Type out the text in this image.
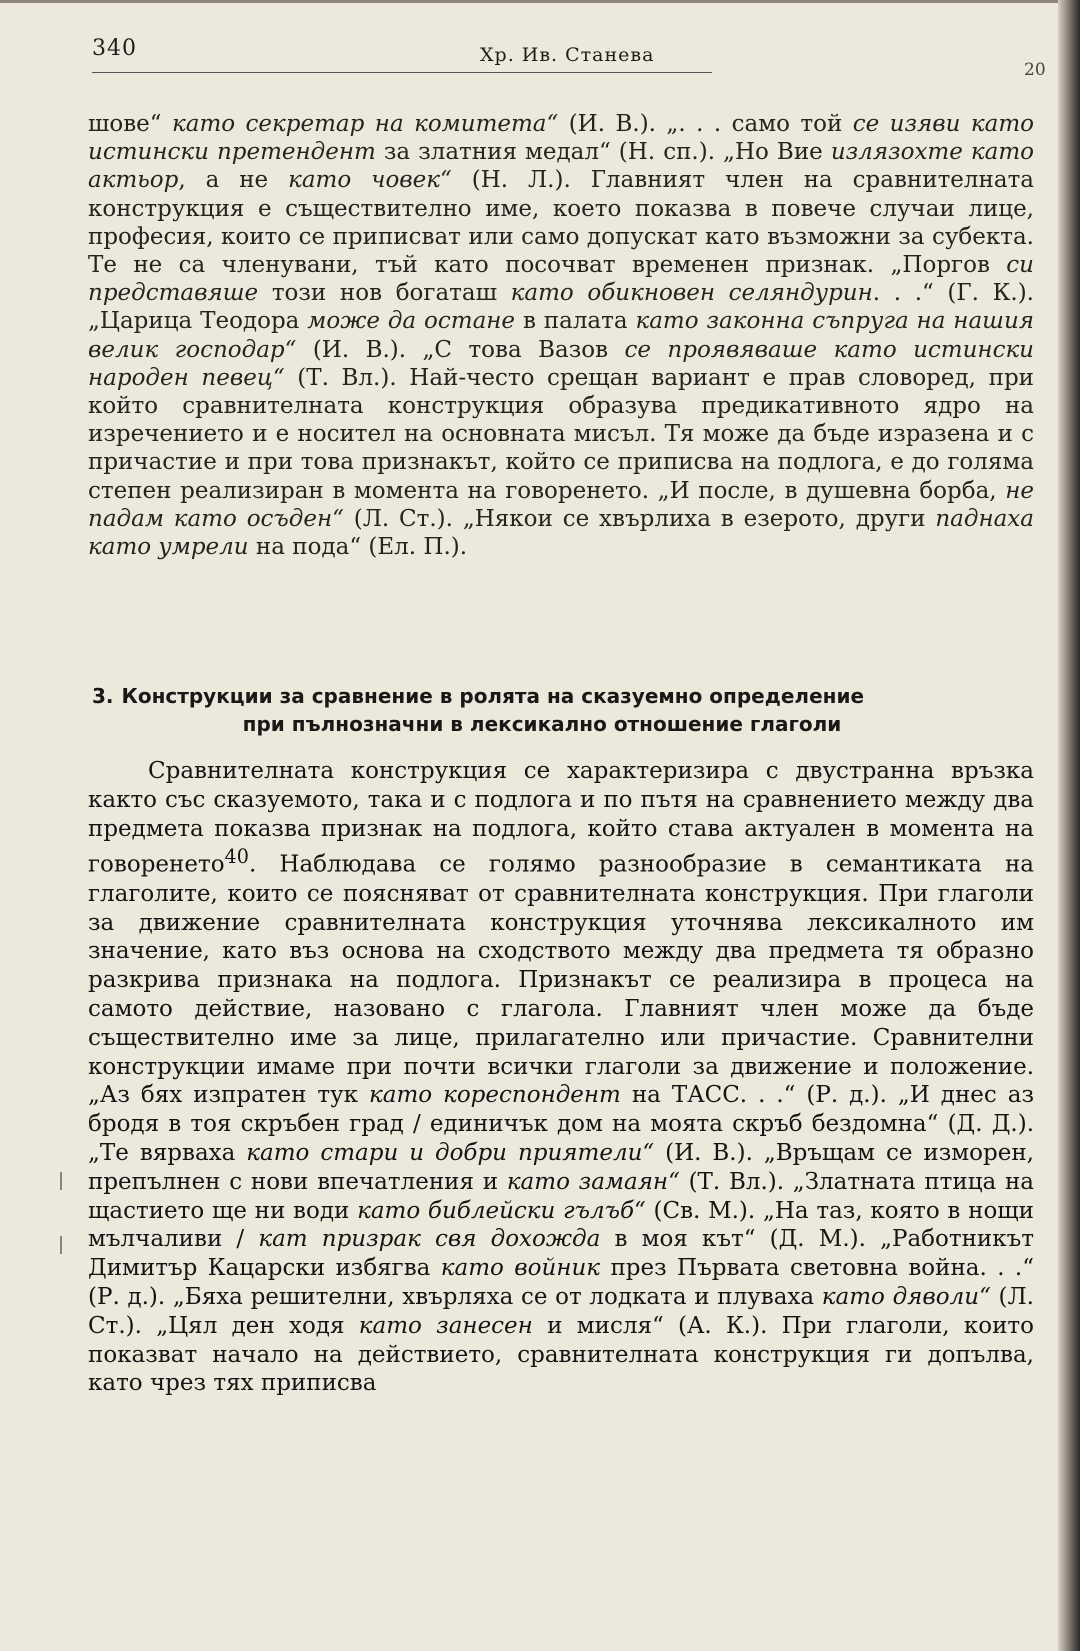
340	Хр. Ив. Станева
20

шове“ като секретар на комитета“ (И. В.). „. . . само той се изяви като истински претендент за златния медал“ (Н. сп.). „Но Вие излязохте като актьор, а не като човек“ (Н. Л.). Главният член на сравнителната конструкция е съществително име, което показва в повече случаи лице, професия, които се приписват или само допускат като възможни за субекта. Те не са членувани, тъй като посочват временен признак. „Поргов си представяше този нов богаташ като обикновен селяндурин. . .“ (Г. К.). „Царица Теодора може да остане в палата като законна съпруга на нашия велик господар“ (И. В.). „С това Вазов се проявяваше като истински народен певец“ (Т. Вл.). Най-често срещан вариант е прав словоред, при който сравнителната конструкция образува предикативното ядро на изречението и е носител на основната мисъл. Тя може да бъде изразена и с причастие и при това признакът, който се приписва на подлога, е до голяма степен реализиран в момента на говоренето. „И после, в душевна борба, не падам като осъден“ (Л. Ст.). „Някои се хвърлиха в езерото, други паднаха като умрели на пода“ (Ел. П.).

3. Конструкции за сравнение в ролята на сказуемно определение
при пълнозначни в лексикално отношение глаголи

Сравнителната конструкция се характеризира с двустранна връзка както със сказуемото, така и с подлога и по пътя на сравнението между два предмета показва признак на подлога, който става актуален в момента на говоренето$^{40}$. Наблюдава се голямо разнообразие в семантиката на глаголите, които се поясняват от сравнителната конструкция. При глаголи за движение сравнителната конструкция уточнява лексикалното им значение, като въз основа на сходството между два предмета тя образно разкрива признака на подлога. Признакът се реализира в процеса на самото действие, назовано с глагола. Главният член може да бъде съществително име за лице, прилагателно или причастие. Сравнителни конструкции имаме при почти всички глаголи за движение и положение. „Аз бях изпратен тук като кореспондент на ТАСС. . .“ (Р. д.). „И днес аз бродя в тоя скръбен град / единичък дом на моята скръб бездомна“ (Д. Д.). „Те вярваха като стари и добри приятели“ (И. В.). „Връщам се изморен, препълнен с нови впечатления и като замаян“ (Т. Вл.). „Златната птица на щастието ще ни води като библейски гълъб“ (Св. М.). „На таз, която в нощи мълчаливи / кат призрак свя дохожда в моя кът“ (Д. М.). „Работникът Димитър Кацарски избягва като войник през Първата световна война. . .“ (Р. д.). „Бяха решителни, хвърляха се от лодката и плуваха като дяволи“ (Л. Ст.). „Цял ден ходя като занесен и мисля“ (А. К.). При глаголи, които показват начало на действието, сравнителната конструкция ги допълва, като чрез тях приписва
